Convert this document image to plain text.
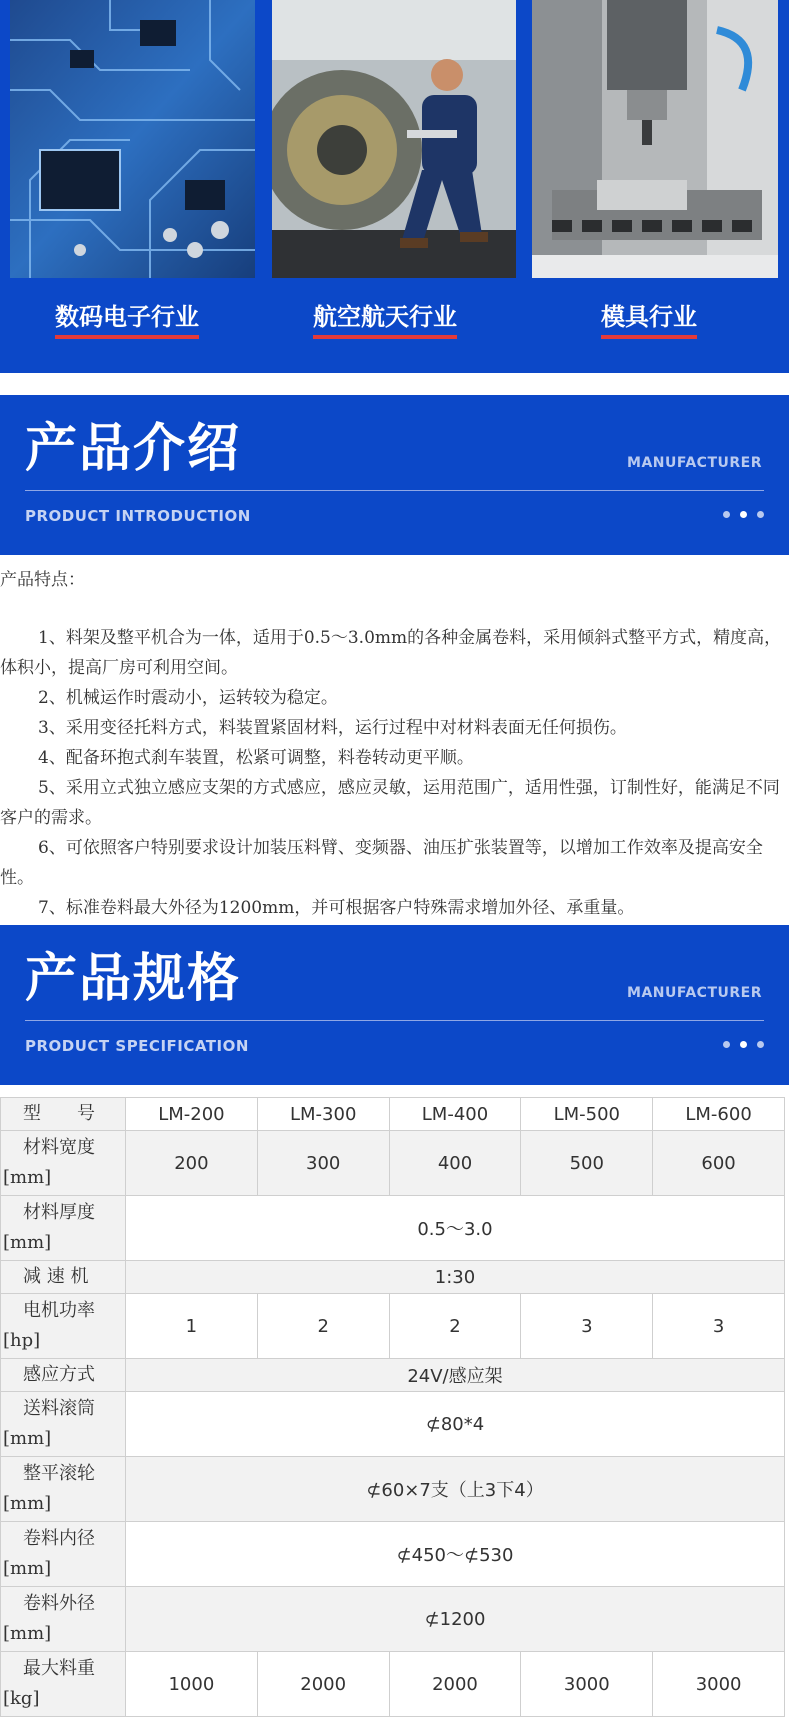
数码电子行业	航空航天行业	模具行业
产品介绍	MANUFACTURER
PRODUCT INTRODUCTION
产品特点：

1、料架及整平机合为一体，适用于0.5～3.0mm的各种金属卷料，采用倾斜式整平方式，精度高，体积小，提高厂房可利用空间。

2、机械运作时震动小，运转较为稳定。

3、采用变径托料方式，料装置紧固材料，运行过程中对材料表面无任何损伤。

4、配备环抱式刹车装置，松紧可调整，料卷转动更平顺。

5、采用立式独立感应支架的方式感应，感应灵敏，运用范围广，适用性强，订制性好，能满足不同客户的需求。

6、可依照客户特别要求设计加装压料臂、变频器、油压扩张装置等，以增加工作效率及提高安全性。

7、标准卷料最大外径为1200mm，并可根据客户特殊需求增加外径、承重量。

产品规格	MANUFACTURER
PRODUCT SPECIFICATION
型　　号	LM-200	LM-300	LM-400	LM-500	LM-600

材料宽度
[mm]	200	300	400	500	600

材料厚度
[mm]	0.5～3.0				

减 速 机	1:30				

电机功率
[hp]	1	2	2	3	3

感应方式	24V/感应架				

送料滚筒
[mm]	⊄80*4				

整平滚轮
[mm]	⊄60×7支（上3下4）				

卷料内径
[mm]	⊄450～⊄530				

卷料外径
[mm]	⊄1200				

最大料重
[kg]	1000	2000	2000	3000	3000
